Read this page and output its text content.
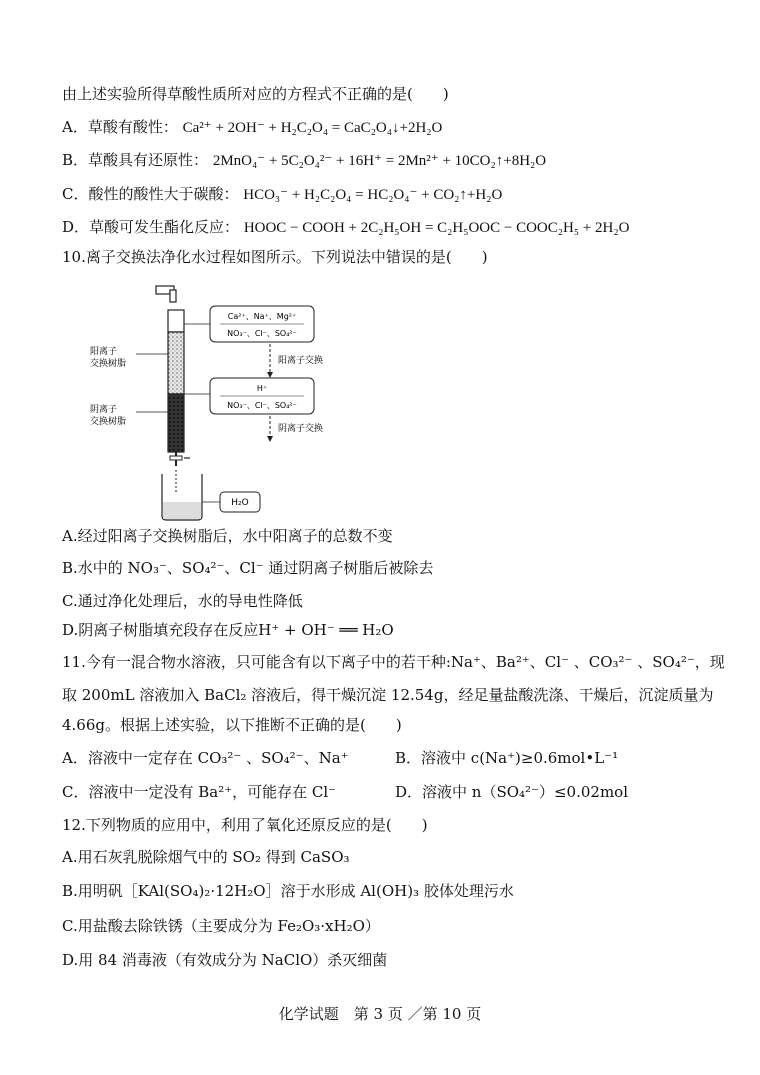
由上述实验所得草酸性质所对应的方程式不正确的是(　　)
A．草酸有酸性： Ca²⁺ + 2OH⁻ + H₂C₂O₄ = CaC₂O₄↓+2H₂O
B．草酸具有还原性： 2MnO₄⁻ + 5C₂O₄²⁻ + 16H⁺ = 2Mn²⁺ + 10CO₂↑+8H₂O
C．酸性的酸性大于碳酸： HCO₃⁻ + H₂C₂O₄ = HC₂O₄⁻ + CO₂↑+H₂O
D．草酸可发生酯化反应： HOOC − COOH + 2C₂H₅OH = C₂H₅OOC − COOC₂H₅ + 2H₂O
10.离子交换法净化水过程如图所示。下列说法中错误的是(　　)
阳离子
交换树脂
阴离子
交换树脂
Ca²⁺、Na⁺、Mg²⁺
NO₃⁻、Cl⁻、SO₄²⁻
阳离子交换
H⁺
NO₃⁻、Cl⁻、SO₄²⁻
阴离子交换
H₂O
A.经过阳离子交换树脂后，水中阳离子的总数不变
B.水中的 NO₃⁻、SO₄²⁻、Cl⁻ 通过阴离子树脂后被除去
C.通过净化处理后，水的导电性降低
D.阴离子树脂填充段存在反应H⁺ + OH⁻ ══ H₂O
11.今有一混合物水溶液，只可能含有以下离子中的若干种:Na⁺、Ba²⁺、Cl⁻ 、CO₃²⁻ 、SO₄²⁻，现
取 200mL 溶液加入 BaCl₂ 溶液后，得干燥沉淀 12.54g，经足量盐酸洗涤、干燥后，沉淀质量为
4.66g。根据上述实验，以下推断不正确的是(　　)
A．溶液中一定存在 CO₃²⁻ 、SO₄²⁻、Na⁺	B．溶液中 c(Na⁺)≥0.6mol•L⁻¹
C．溶液中一定没有 Ba²⁺，可能存在 Cl⁻	D．溶液中 n（SO₄²⁻）≤0.02mol
12.下列物质的应用中，利用了氧化还原反应的是(　　)
A.用石灰乳脱除烟气中的 SO₂ 得到 CaSO₃
B.用明矾［KAl(SO₄)₂·12H₂O］溶于水形成 Al(OH)₃ 胶体处理污水
C.用盐酸去除铁锈（主要成分为 Fe₂O₃·xH₂O）
D.用 84 消毒液（有效成分为 NaClO）杀灭细菌
化学试题　第 3 页 ／第 10 页
